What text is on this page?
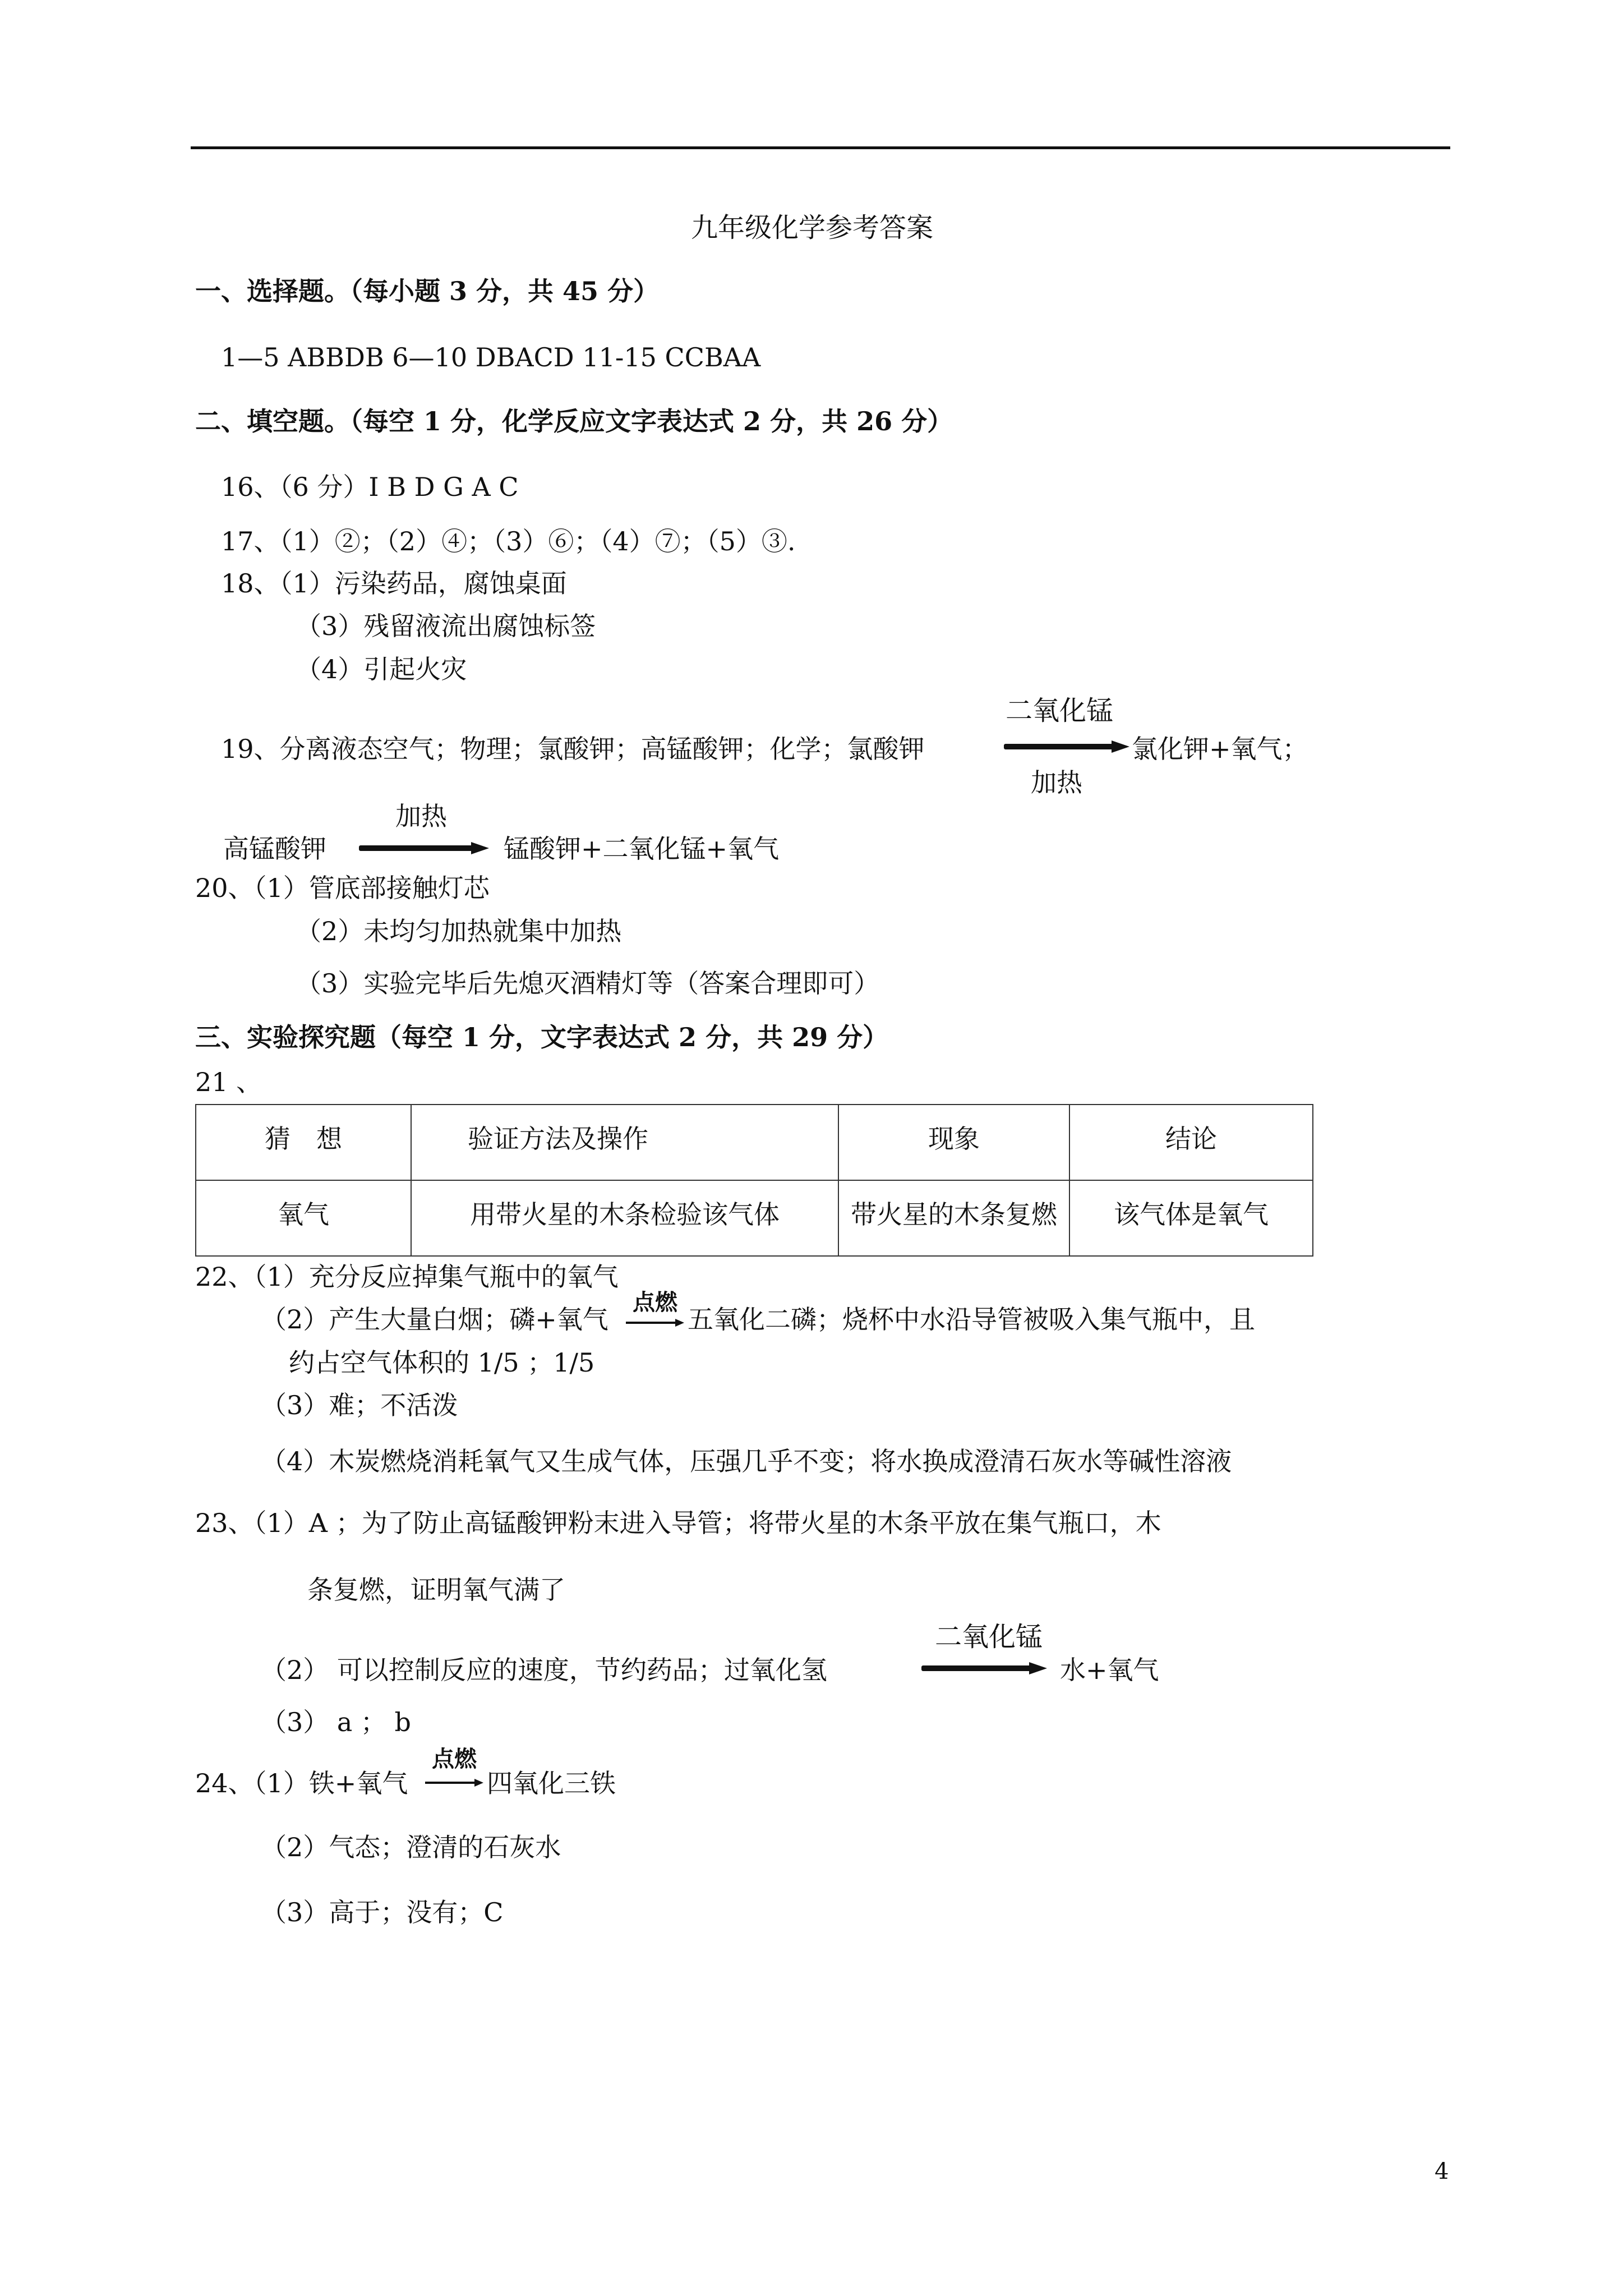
九年级化学参考答案
一、选择题。（每小题 3 分，共 45 分）
1—5 ABBDB 6—10 DBACD 11-15 CCBAA
二、填空题。（每空 1 分，化学反应文字表达式 2 分，共 26 分）
16、（6 分）I B D G A C
17、（1）②；（2）④；（3）⑥；（4）⑦；（5）③.
18、（1）污染药品，腐蚀桌面
（3）残留液流出腐蚀标签
（4）引起火灾
二氧化锰
19、分离液态空气；物理；氯酸钾；高锰酸钾；化学；氯酸钾	氯化钾+氧气；
加热
加热
高锰酸钾	锰酸钾+二氧化锰+氧气
20、（1）管底部接触灯芯
（2）未均匀加热就集中加热
（3）实验完毕后先熄灭酒精灯等（答案合理即可）
三、实验探究题（每空 1 分，文字表达式 2 分，共 29 分）
21 、
猜　想	验证方法及操作	现象	结论

氧气	用带火星的木条检验该气体	带火星的木条复燃	该气体是氧气
22、（1）充分反应掉集气瓶中的氧气
点燃
（2）产生大量白烟；磷+氧气	五氧化二磷；烧杯中水沿导管被吸入集气瓶中，且
约占空气体积的 1/5 ；1/5
（3）难；不活泼
（4）木炭燃烧消耗氧气又生成气体，压强几乎不变；将水换成澄清石灰水等碱性溶液
23、（1）A ；为了防止高锰酸钾粉末进入导管；将带火星的木条平放在集气瓶口，木
条复燃，证明氧气满了
二氧化锰
（2） 可以控制反应的速度，节约药品；过氧化氢	水+氧气
（3） a ； b
点燃
24、（1）铁+氧气	四氧化三铁
（2）气态；澄清的石灰水
（3）高于；没有；C
4
